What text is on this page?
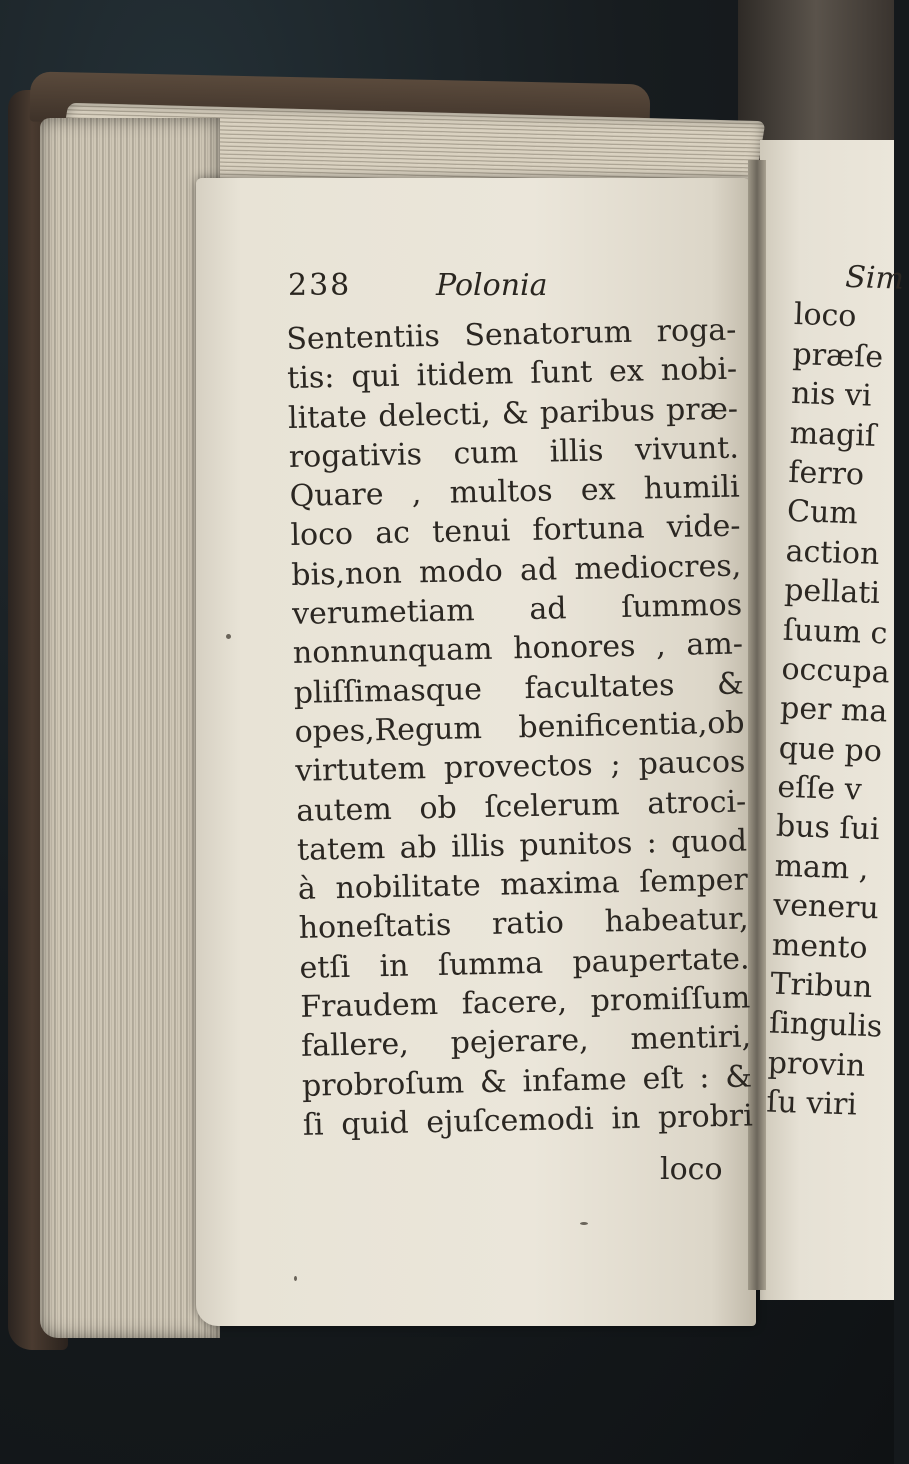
238	Polonia
Sententiis Senatorum roga-
tis: qui itidem ſunt ex nobi-
litate delecti, & paribus præ-
rogativis cum illis vivunt.
Quare , multos ex humili
loco ac tenui fortuna vide-
bis,non modo ad mediocres,
verumetiam ad ſummos
nonnunquam honores , am-
pliſſimasque facultates &
opes,Regum benificentia,ob
virtutem provectos ; paucos
autem ob ſcelerum atroci-
tatem ab illis punitos : quod
à nobilitate maxima ſemper
honeſtatis ratio habeatur,
etſi in ſumma paupertate.
Fraudem facere, promiſſum
fallere, pejerare, mentiri,
probroſum & infame eſt : &
ſi quid ejuſcemodi in probri
loco
Sim
loco
præſe
nis vi
magiſ
ferro
Cum
action
pellati
ſuum c
occupa
per ma
que po
eſſe v
bus ſui
mam ,
veneru
mento
Tribun
ſingulis
provin
ſu viri
